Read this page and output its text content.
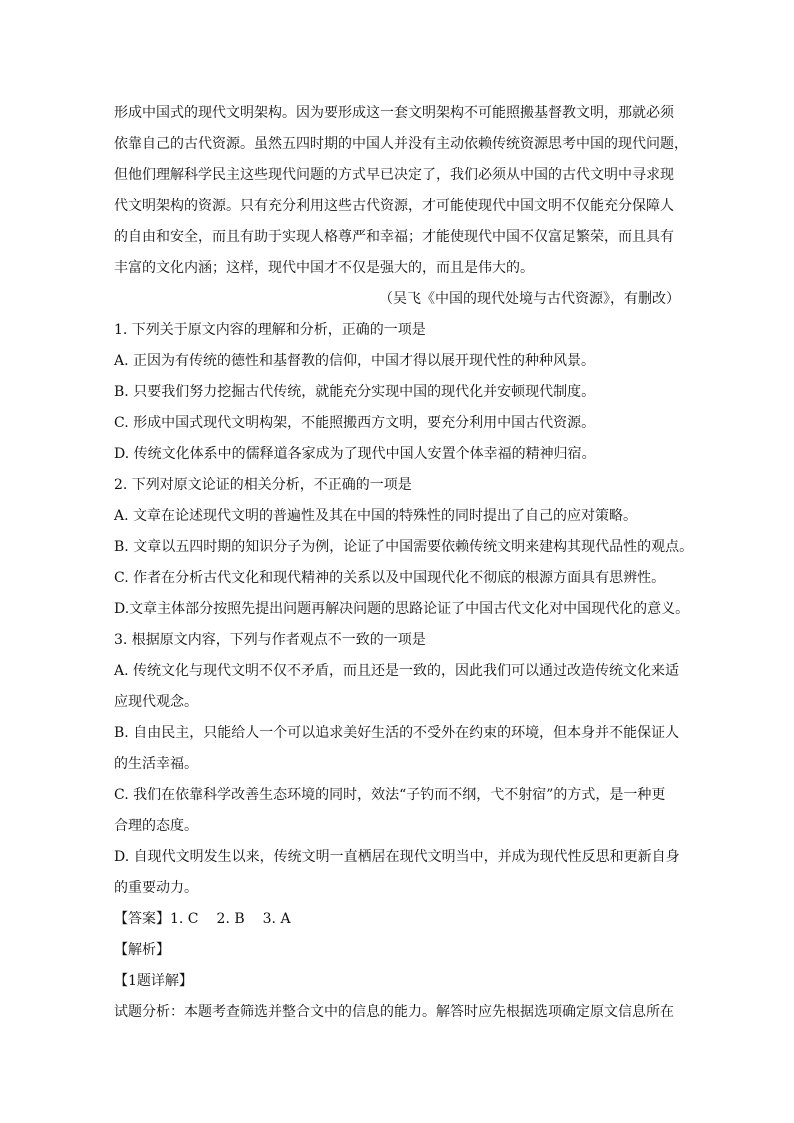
形成中国式的现代文明架构。因为要形成这一套文明架构不可能照搬基督教文明，那就必须
依靠自己的古代资源。虽然五四时期的中国人并没有主动依赖传统资源思考中国的现代问题，
但他们理解科学民主这些现代问题的方式早已决定了，我们必须从中国的古代文明中寻求现
代文明架构的资源。只有充分利用这些古代资源，才可能使现代中国文明不仅能充分保障人
的自由和安全，而且有助于实现人格尊严和幸福；才能使现代中国不仅富足繁荣，而且具有
丰富的文化内涵；这样，现代中国才不仅是强大的，而且是伟大的。
（吴飞《中国的现代处境与古代资源》，有删改）
1. 下列关于原文内容的理解和分析，正确的一项是
A. 正因为有传统的德性和基督教的信仰，中国才得以展开现代性的种种风景。
B. 只要我们努力挖掘古代传统，就能充分实现中国的现代化并安顿现代制度。
C. 形成中国式现代文明构架，不能照搬西方文明，要充分利用中国古代资源。
D. 传统文化体系中的儒释道各家成为了现代中国人安置个体幸福的精神归宿。
2. 下列对原文论证的相关分析，不正确的一项是
A. 文章在论述现代文明的普遍性及其在中国的特殊性的同时提出了自己的应对策略。
B. 文章以五四时期的知识分子为例，论证了中国需要依赖传统文明来建构其现代品性的观点。
C. 作者在分析古代文化和现代精神的关系以及中国现代化不彻底的根源方面具有思辨性。
D.文章主体部分按照先提出问题再解决问题的思路论证了中国古代文化对中国现代化的意义。
3. 根据原文内容，下列与作者观点不一致的一项是
A. 传统文化与现代文明不仅不矛盾，而且还是一致的，因此我们可以通过改造传统文化来适
应现代观念。
B. 自由民主，只能给人一个可以追求美好生活的不受外在约束的环境，但本身并不能保证人
的生活幸福。
C. 我们在依靠科学改善生态环境的同时，效法“子钓而不纲，弋不射宿”的方式，是一种更
合理的态度。
D. 自现代文明发生以来，传统文明一直栖居在现代文明当中，并成为现代性反思和更新自身
的重要动力。
【答案】1. C 2. B 3. A
【解析】
【1题详解】
试题分析：本题考查筛选并整合文中的信息的能力。解答时应先根据选项确定原文信息所在
